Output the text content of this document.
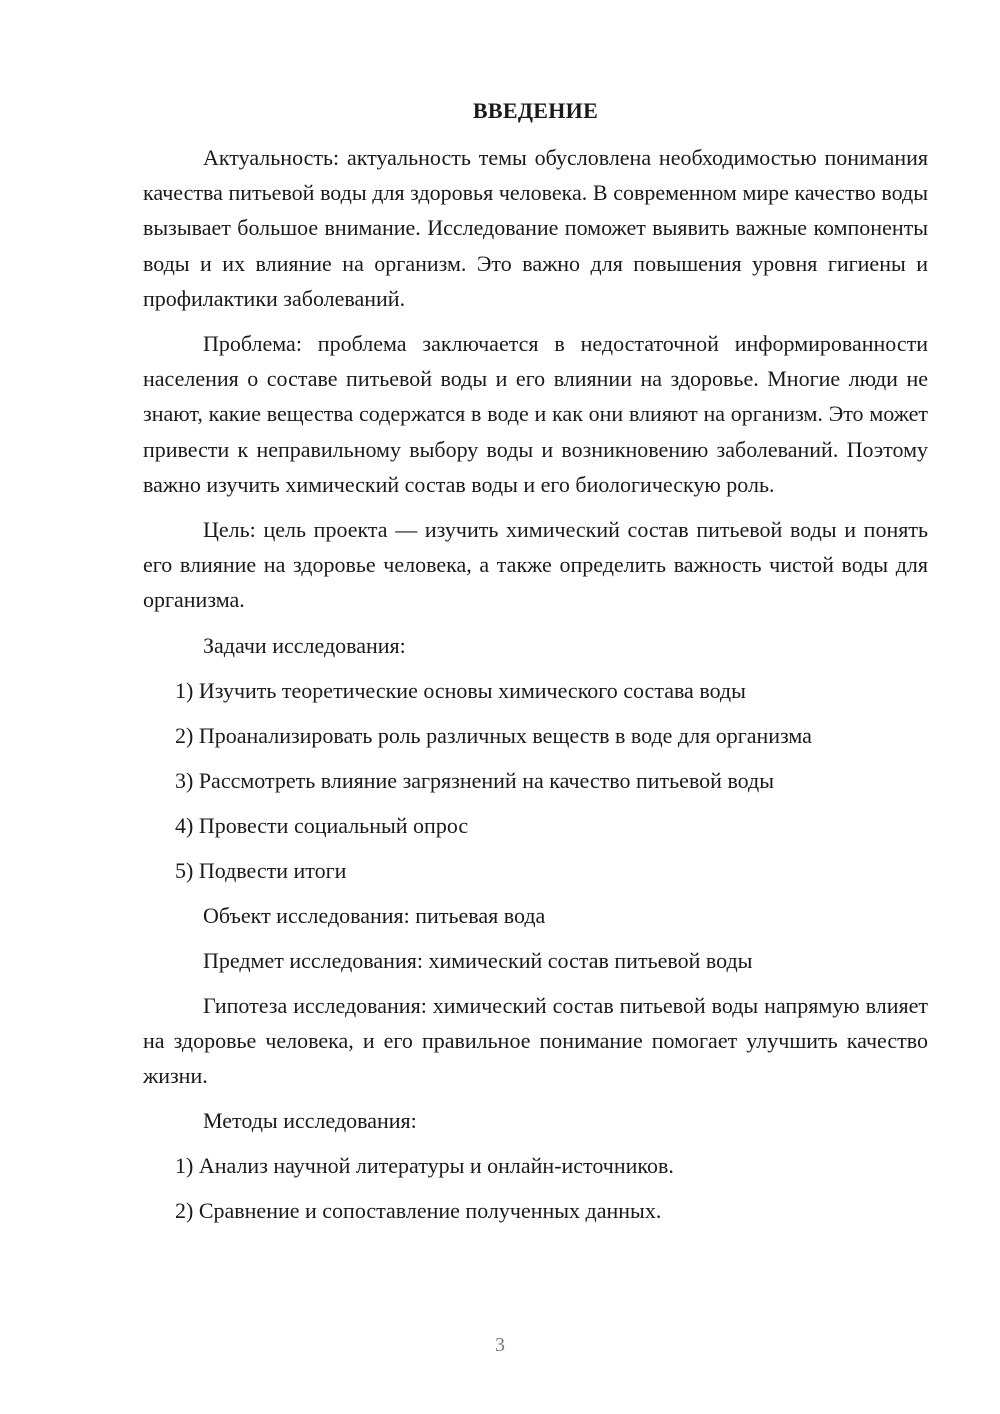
ВВЕДЕНИЕ

Актуальность: актуальность темы обусловлена необходимостью понимания качества питьевой воды для здоровья человека. В современном мире качество воды вызывает большое внимание. Исследование поможет выявить важные компоненты воды и их влияние на организм. Это важно для повышения уровня гигиены и профилактики заболеваний.

Проблема: проблема заключается в недостаточной информированности населения о составе питьевой воды и его влиянии на здоровье. Многие люди не знают, какие вещества содержатся в воде и как они влияют на организм. Это может привести к неправильному выбору воды и возникновению заболеваний. Поэтому важно изучить химический состав воды и его биологическую роль.

Цель: цель проекта — изучить химический состав питьевой воды и понять его влияние на здоровье человека, а также определить важность чистой воды для организма.

Задачи исследования:
1) Изучить теоретические основы химического состава воды
2) Проанализировать роль различных веществ в воде для организма
3) Рассмотреть влияние загрязнений на качество питьевой воды
4) Провести социальный опрос
5) Подвести итоги
Объект исследования: питьевая вода
Предмет исследования: химический состав питьевой воды

Гипотеза исследования: химический состав питьевой воды напрямую влияет на здоровье человека, и его правильное понимание помогает улучшить качество жизни.

Методы исследования:
1) Анализ научной литературы и онлайн-источников.
2) Сравнение и сопоставление полученных данных.
3
